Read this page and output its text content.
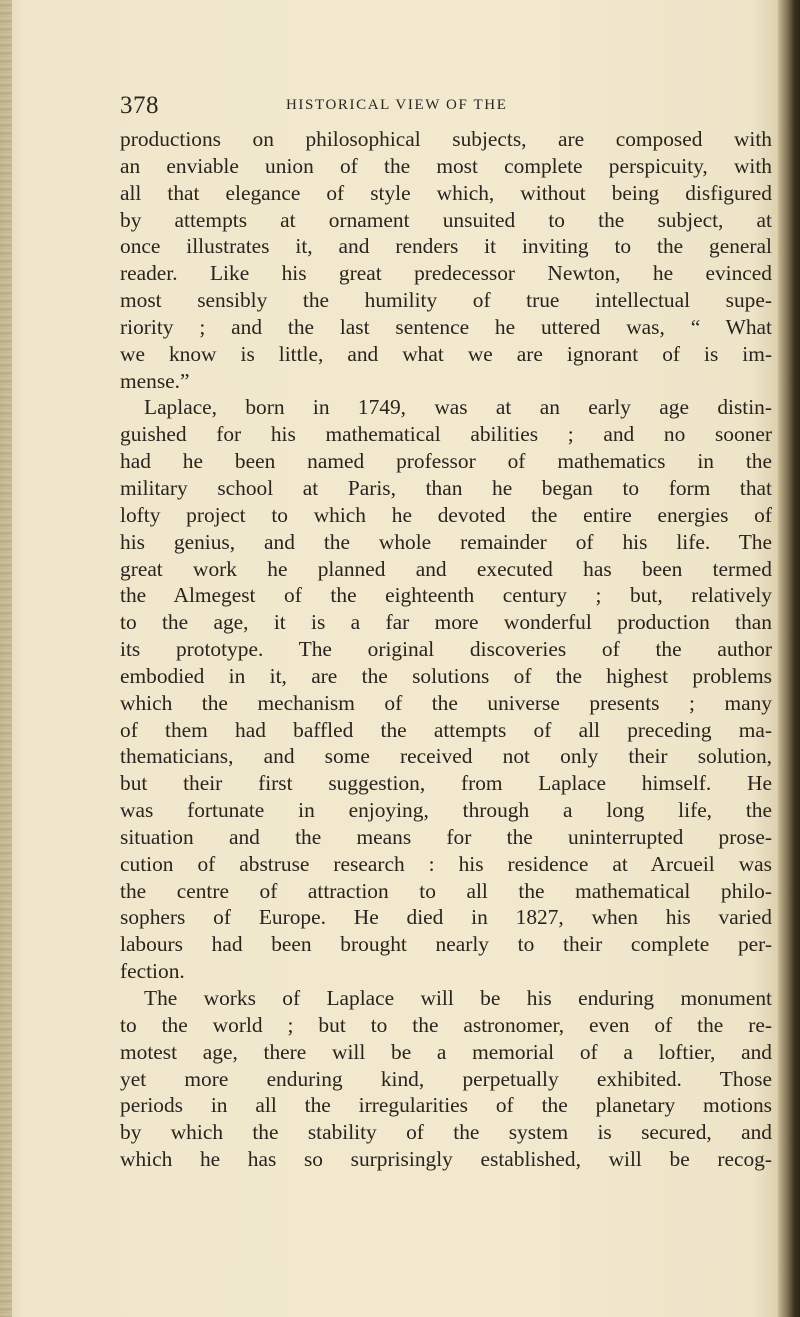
378	HISTORICAL VIEW OF THE
productions on philosophical subjects, are composed with
an enviable union of the most complete perspicuity, with
all that elegance of style which, without being disfigured
by attempts at ornament unsuited to the subject, at
once illustrates it, and renders it inviting to the general
reader. Like his great predecessor Newton, he evinced
most sensibly the humility of true intellectual supe-
riority ; and the last sentence he uttered was, “ What
we know is little, and what we are ignorant of is im-
mense.”
Laplace, born in 1749, was at an early age distin-
guished for his mathematical abilities ; and no sooner
had he been named professor of mathematics in the
military school at Paris, than he began to form that
lofty project to which he devoted the entire energies of
his genius, and the whole remainder of his life. The
great work he planned and executed has been termed
the Almegest of the eighteenth century ; but, relatively
to the age, it is a far more wonderful production than
its prototype. The original discoveries of the author
embodied in it, are the solutions of the highest problems
which the mechanism of the universe presents ; many
of them had baffled the attempts of all preceding ma-
thematicians, and some received not only their solution,
but their first suggestion, from Laplace himself. He
was fortunate in enjoying, through a long life, the
situation and the means for the uninterrupted prose-
cution of abstruse research : his residence at Arcueil was
the centre of attraction to all the mathematical philo-
sophers of Europe. He died in 1827, when his varied
labours had been brought nearly to their complete per-
fection.
The works of Laplace will be his enduring monument
to the world ; but to the astronomer, even of the re-
motest age, there will be a memorial of a loftier, and
yet more enduring kind, perpetually exhibited. Those
periods in all the irregularities of the planetary motions
by which the stability of the system is secured, and
which he has so surprisingly established, will be recog-
